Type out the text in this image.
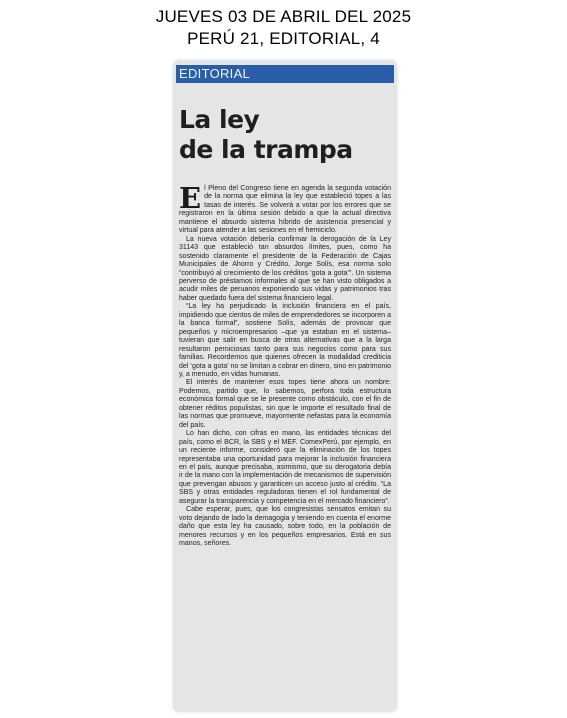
JUEVES 03 DE ABRIL DEL 2025
PERÚ 21, EDITORIAL, 4
EDITORIAL
La ley
de la trampa

El Pleno del Congreso tiene en agenda la segunda votación de la norma que elimina la ley que estableció topes a las tasas de interés. Se volverá a votar por los errores que se registraron en la última sesión debido a que la actual directiva mantiene el absurdo sistema híbrido de asistencia presencial y virtual para atender a las sesiones en el hemiciclo.

La nueva votación debería confirmar la derogación de la Ley 31143 que estableció tan absurdos límites, pues, como ha sostenido claramente el presidente de la Federación de Cajas Municipales de Ahorro y Crédito, Jorge Solís, esa norma solo “contribuyó al crecimiento de los créditos ‘gota a gota’”. Un sistema perverso de préstamos informales al que se han visto obligados a acudir miles de peruanos exponiendo sus vidas y patrimonios tras haber quedado fuera del sistema financiero legal.

“La ley ha perjudicado la inclusión financiera en el país, impidiendo que cientos de miles de emprendedores se incorporen a la banca formal”, sostiene Solís, además de provocar que pequeños y microempresarios –que ya estaban en el sistema– tuvieran que salir en busca de otras alternativas que a la larga resultaron perniciosas tanto para sus negocios como para sus familias. Recordemos que quienes ofrecen la modalidad crediticia del ‘gota a gota’ no se limitan a cobrar en dinero, sino en patrimonio y, a menudo, en vidas humanas.

El interés de mantener esos topes tiene ahora un nombre: Podemos, partido que, lo sabemos, perfora toda estructura económica formal que se le presente como obstáculo, con el fin de obtener réditos populistas, sin que le importe el resultado final de las normas que promueve, mayormente nefastas para la economía del país.

Lo han dicho, con cifras en mano, las entidades técnicas del país, como el BCR, la SBS y el MEF. ComexPerú, por ejemplo, en un reciente informe, consideró que la eliminación de los topes representaba una oportunidad para mejorar la inclusión financiera en el país, aunque precisaba, asimismo, que su derogatoria debía ir de la mano con la implementación de mecanismos de supervisión que prevengan abusos y garanticen un acceso justo al crédito. “La SBS y otras entidades reguladoras tienen el rol fundamental de asegurar la transparencia y competencia en el mercado financiero”.

Cabe esperar, pues, que los congresistas sensatos emitan su voto dejando de lado la demagogia y teniendo en cuenta el enorme daño que esta ley ha causado, sobre todo, en la población de menores recursos y en los pequeños empresarios. Está en sus manos, señores.
